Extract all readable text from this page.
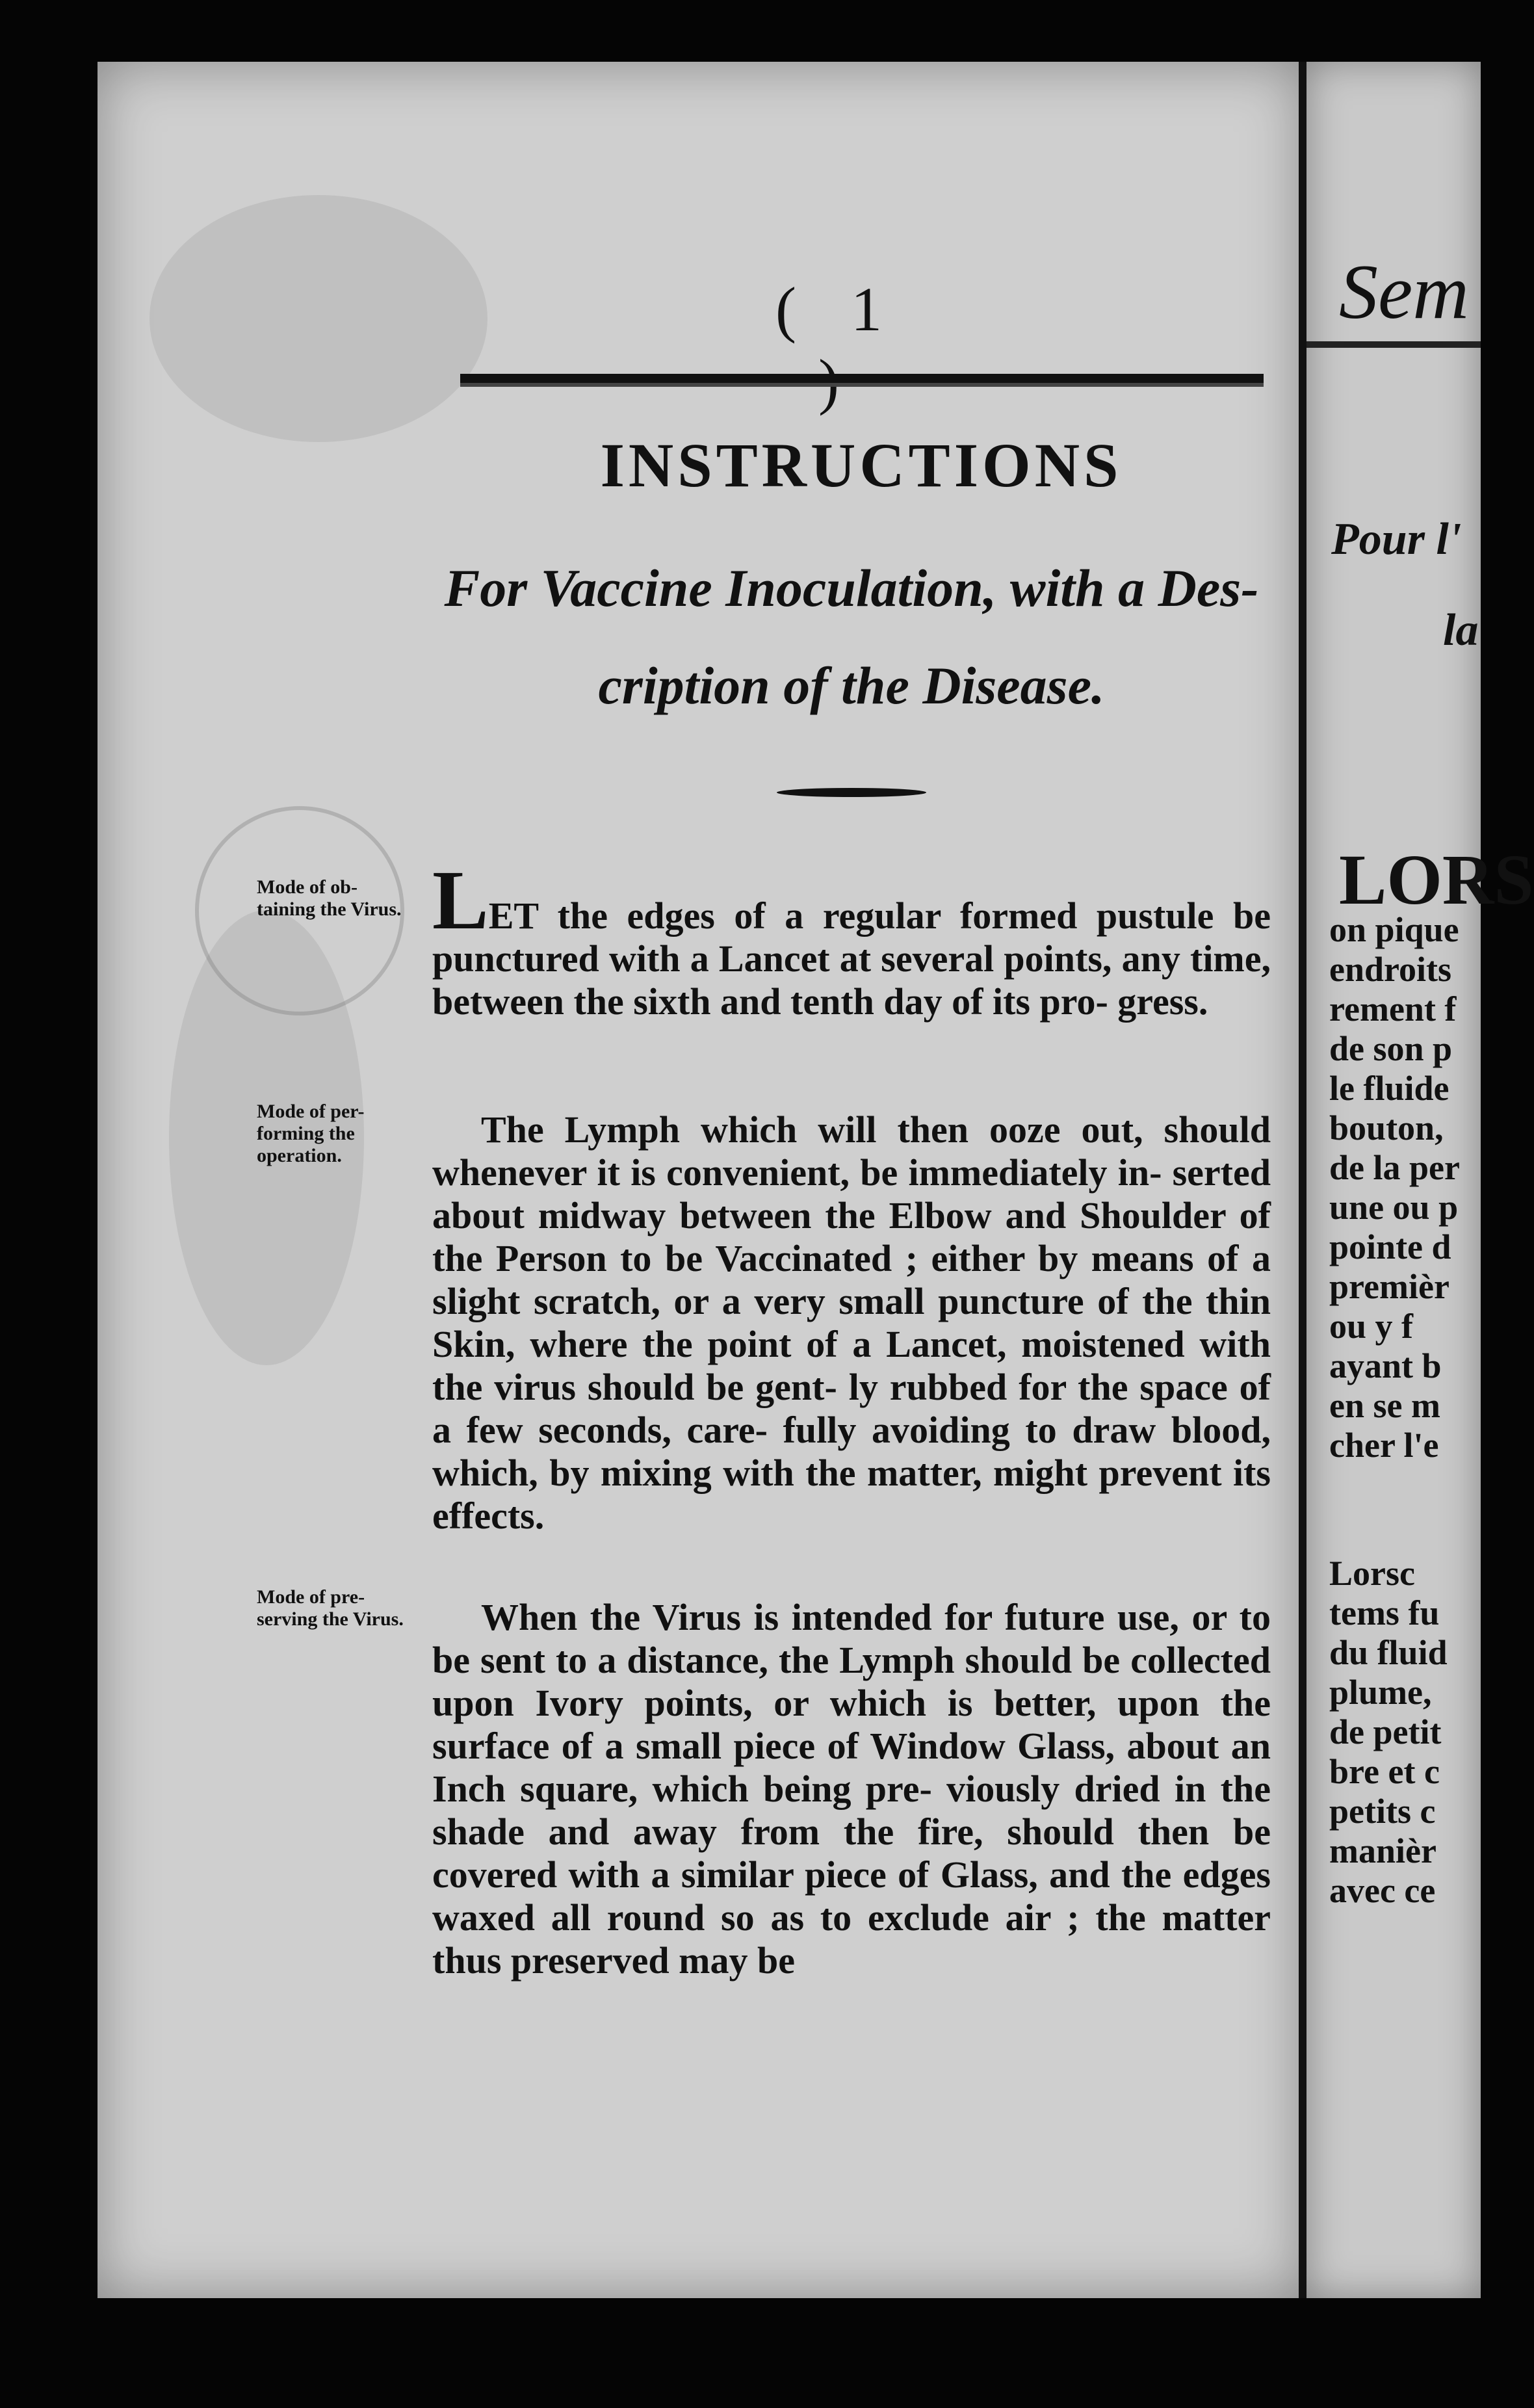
( 1
INSTRUCTIONS
For Vaccine Inoculation, with a Des-
cription of the Disease.
Mode of ob- taining the Virus. LET the edges of a regular formed pustule be punctured with a Lancet at several points, any time, between the sixth and tenth day of its pro- gress.
Mode of per- forming the operation.
The Lymph which will then ooze out, should whenever it is convenient, be immediately in- serted about midway between the Elbow and Shoulder of the Person to be Vaccinated ; either by means of a slight scratch, or a very small puncture of the thin Skin, where the point of a Lancet, moistened with the virus should be gent- ly rubbed for the space of a few seconds, care- fully avoiding to draw blood, which, by mixing with the matter, might prevent its effects.
Mode of pre- serving the Virus.	When the Virus is intended for future use, or to be sent to a distance, the Lymph should be collected upon Ivory points, or which is better, upon the surface of a small piece of Window Glass, about an Inch square, which being pre- viously dried in the shade and away from the fire, should then be covered with a similar piece of Glass, and the edges waxed all round so as to exclude air ; the matter thus preserved may be
Sem
Pour l'
la
LORS
on pique
endroits
rement f
de son p
le fluide
bouton,
de la per
une ou p
pointe d
premièr
ou y f
ayant b
en se m
cher l'e
Lorsc
tems fu
du fluid
plume,
de petit
bre et c
petits c
manièr
avec ce
